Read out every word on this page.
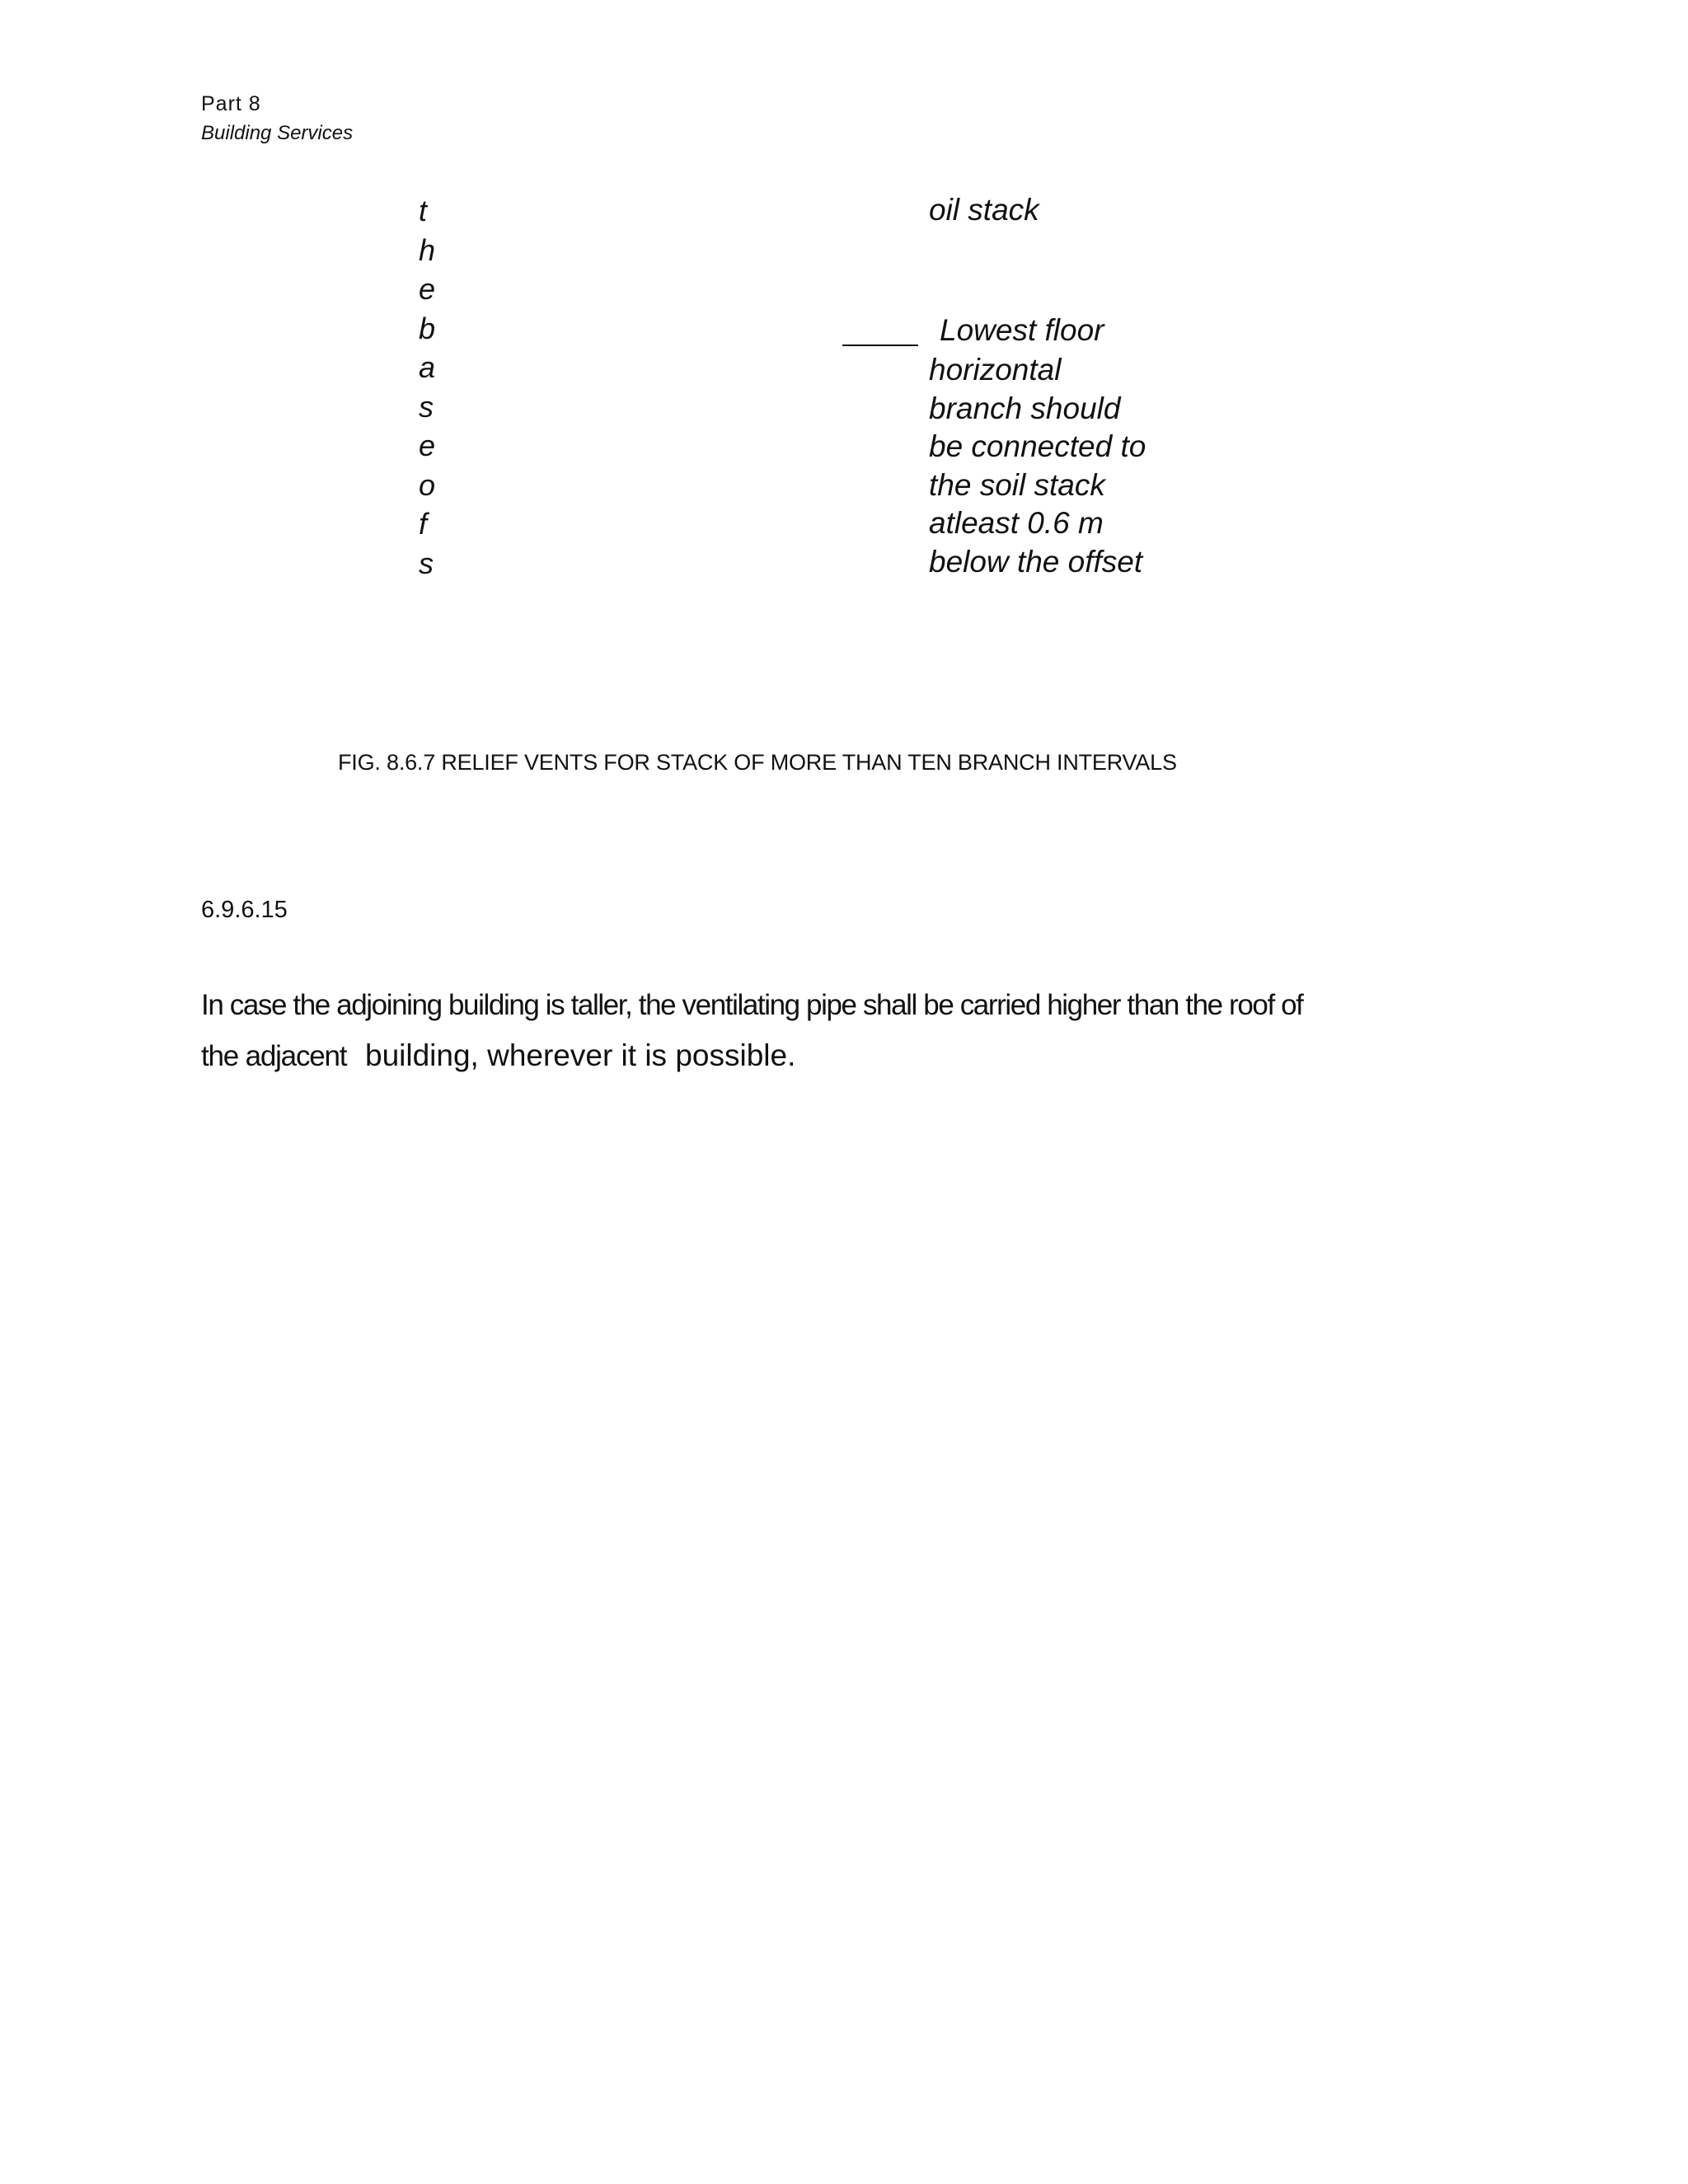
Part 8
Building Services
t
h
e
b
a
s
e
o
f
s
oil stack
Lowest floor
horizontal
branch should
be connected to
the soil stack
atleast 0.6 m
below the offset
FIG. 8.6.7 RELIEF VENTS FOR STACK OF MORE THAN TEN BRANCH INTERVALS
6.9.6.15
In case the adjoining building is taller, the ventilating pipe shall be carried higher than the roof of
the adjacent building, wherever it is possible.
